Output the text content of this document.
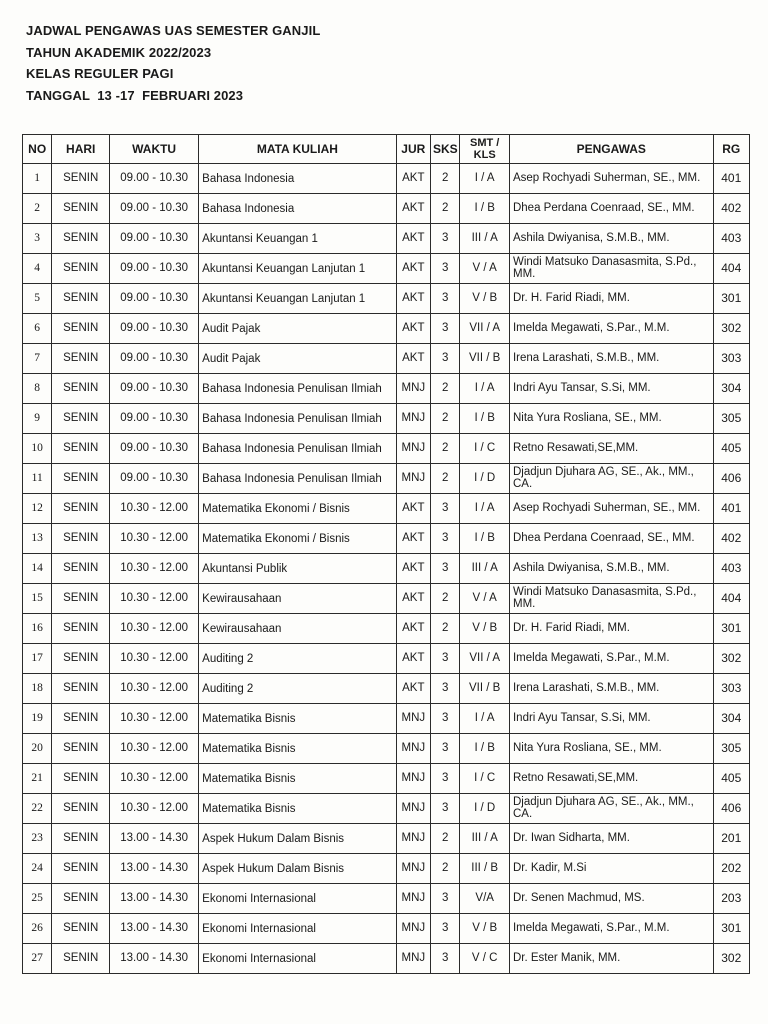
JADWAL PENGAWAS UAS SEMESTER GANJIL
TAHUN AKADEMIK 2022/2023
KELAS REGULER PAGI
TANGGAL  13 -17  FEBRUARI 2023
NO	HARI	WAKTU	MATA KULIAH	JUR	SKS	SMT / KLS	PENGAWAS	RG
1	SENIN	09.00 - 10.30	Bahasa Indonesia	AKT	2	I / A	Asep Rochyadi Suherman, SE., MM.	401
2	SENIN	09.00 - 10.30	Bahasa Indonesia	AKT	2	I / B	Dhea Perdana Coenraad, SE., MM.	402
3	SENIN	09.00 - 10.30	Akuntansi Keuangan 1	AKT	3	III / A	Ashila Dwiyanisa, S.M.B., MM.	403
4	SENIN	09.00 - 10.30	Akuntansi Keuangan Lanjutan 1	AKT	3	V / A	Windi Matsuko Danasasmita, S.Pd., MM.	404
5	SENIN	09.00 - 10.30	Akuntansi Keuangan Lanjutan 1	AKT	3	V / B	Dr. H. Farid Riadi, MM.	301
6	SENIN	09.00 - 10.30	Audit Pajak	AKT	3	VII / A	Imelda Megawati, S.Par., M.M.	302
7	SENIN	09.00 - 10.30	Audit Pajak	AKT	3	VII / B	Irena Larashati, S.M.B., MM.	303
8	SENIN	09.00 - 10.30	Bahasa Indonesia Penulisan Ilmiah	MNJ	2	I / A	Indri Ayu Tansar, S.Si, MM.	304
9	SENIN	09.00 - 10.30	Bahasa Indonesia Penulisan Ilmiah	MNJ	2	I / B	Nita Yura Rosliana, SE., MM.	305
10	SENIN	09.00 - 10.30	Bahasa Indonesia Penulisan Ilmiah	MNJ	2	I / C	Retno Resawati,SE,MM.	405
11	SENIN	09.00 - 10.30	Bahasa Indonesia Penulisan Ilmiah	MNJ	2	I / D	Djadjun Djuhara AG, SE., Ak., MM., CA.	406
12	SENIN	10.30 - 12.00	Matematika Ekonomi / Bisnis	AKT	3	I / A	Asep Rochyadi Suherman, SE., MM.	401
13	SENIN	10.30 - 12.00	Matematika Ekonomi / Bisnis	AKT	3	I / B	Dhea Perdana Coenraad, SE., MM.	402
14	SENIN	10.30 - 12.00	Akuntansi Publik	AKT	3	III / A	Ashila Dwiyanisa, S.M.B., MM.	403
15	SENIN	10.30 - 12.00	Kewirausahaan	AKT	2	V / A	Windi Matsuko Danasasmita, S.Pd., MM.	404
16	SENIN	10.30 - 12.00	Kewirausahaan	AKT	2	V / B	Dr. H. Farid Riadi, MM.	301
17	SENIN	10.30 - 12.00	Auditing 2	AKT	3	VII / A	Imelda Megawati, S.Par., M.M.	302
18	SENIN	10.30 - 12.00	Auditing 2	AKT	3	VII / B	Irena Larashati, S.M.B., MM.	303
19	SENIN	10.30 - 12.00	Matematika Bisnis	MNJ	3	I / A	Indri Ayu Tansar, S.Si, MM.	304
20	SENIN	10.30 - 12.00	Matematika Bisnis	MNJ	3	I / B	Nita Yura Rosliana, SE., MM.	305
21	SENIN	10.30 - 12.00	Matematika Bisnis	MNJ	3	I / C	Retno Resawati,SE,MM.	405
22	SENIN	10.30 - 12.00	Matematika Bisnis	MNJ	3	I / D	Djadjun Djuhara AG, SE., Ak., MM., CA.	406
23	SENIN	13.00 - 14.30	Aspek Hukum Dalam Bisnis	MNJ	2	III / A	Dr. Iwan Sidharta, MM.	201
24	SENIN	13.00 - 14.30	Aspek Hukum Dalam Bisnis	MNJ	2	III / B	Dr. Kadir, M.Si	202
25	SENIN	13.00 - 14.30	Ekonomi Internasional	MNJ	3	V/A	Dr. Senen Machmud, MS.	203
26	SENIN	13.00 - 14.30	Ekonomi Internasional	MNJ	3	V / B	Imelda Megawati, S.Par., M.M.	301
27	SENIN	13.00 - 14.30	Ekonomi Internasional	MNJ	3	V / C	Dr. Ester Manik, MM.	302
